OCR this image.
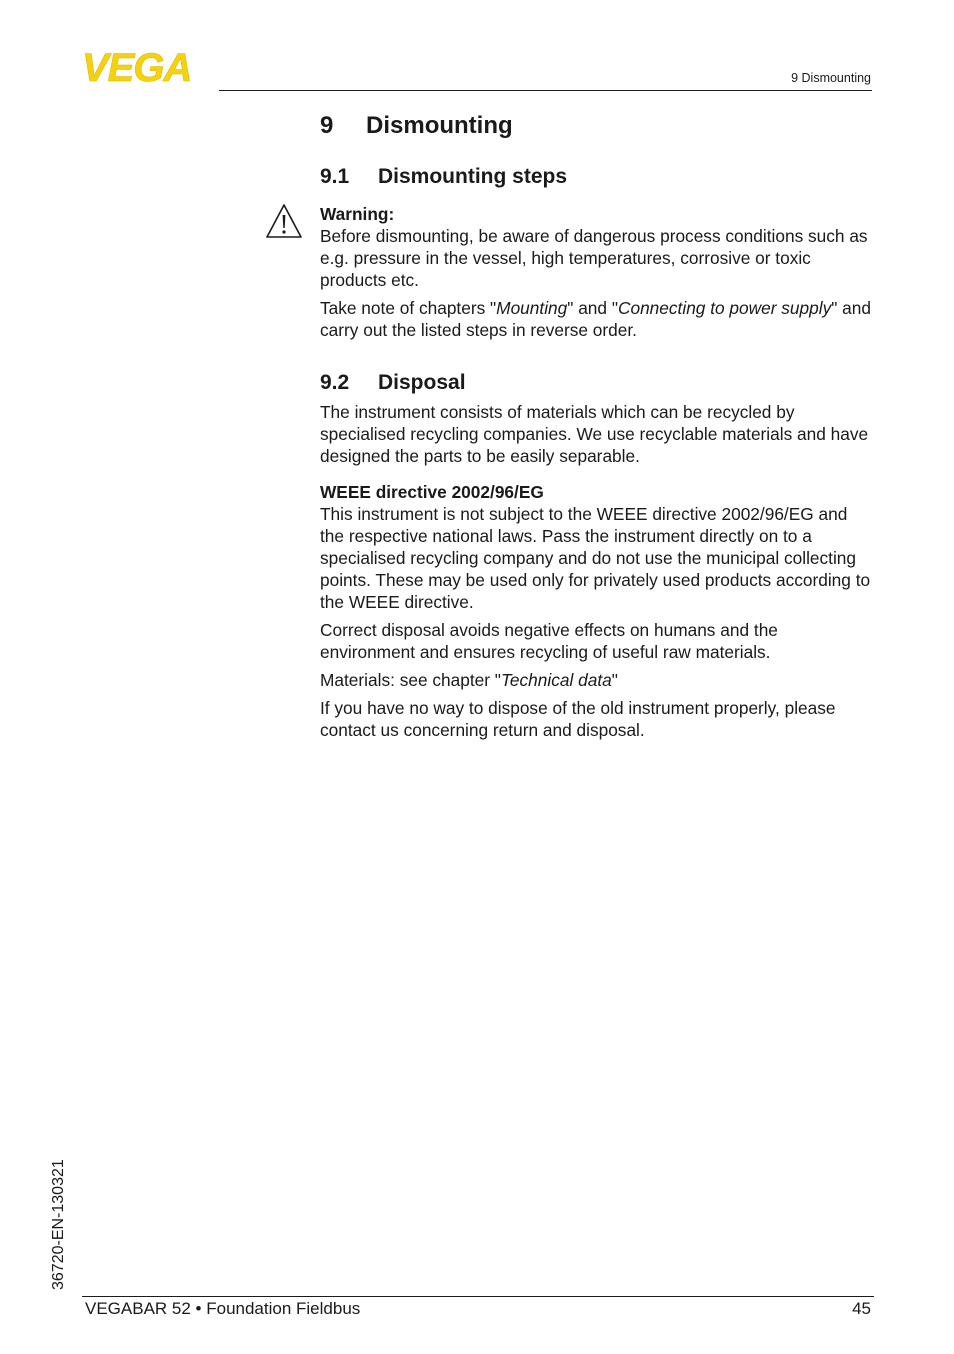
VEGA	9 Dismounting
9	Dismounting
9.1	Dismounting steps

Warning:

Before dismounting, be aware of dangerous process conditions such as e.g. pressure in the vessel, high temperatures, corrosive or toxic products etc.

Take note of chapters "Mounting" and "Connecting to power supply" and carry out the listed steps in reverse order.

9.2	Disposal

The instrument consists of materials which can be recycled by specialised recycling companies. We use recyclable materials and have designed the parts to be easily separable.

WEEE directive 2002/96/EG

This instrument is not subject to the WEEE directive 2002/96/EG and the respective national laws. Pass the instrument directly on to a specialised recycling company and do not use the municipal collecting points. These may be used only for privately used products according to the WEEE directive.

Correct disposal avoids negative effects on humans and the environment and ensures recycling of useful raw materials.

Materials: see chapter "Technical data"

If you have no way to dispose of the old instrument properly, please contact us concerning return and disposal.

36720-EN-130321
VEGABAR 52 • Foundation Fieldbus	45
